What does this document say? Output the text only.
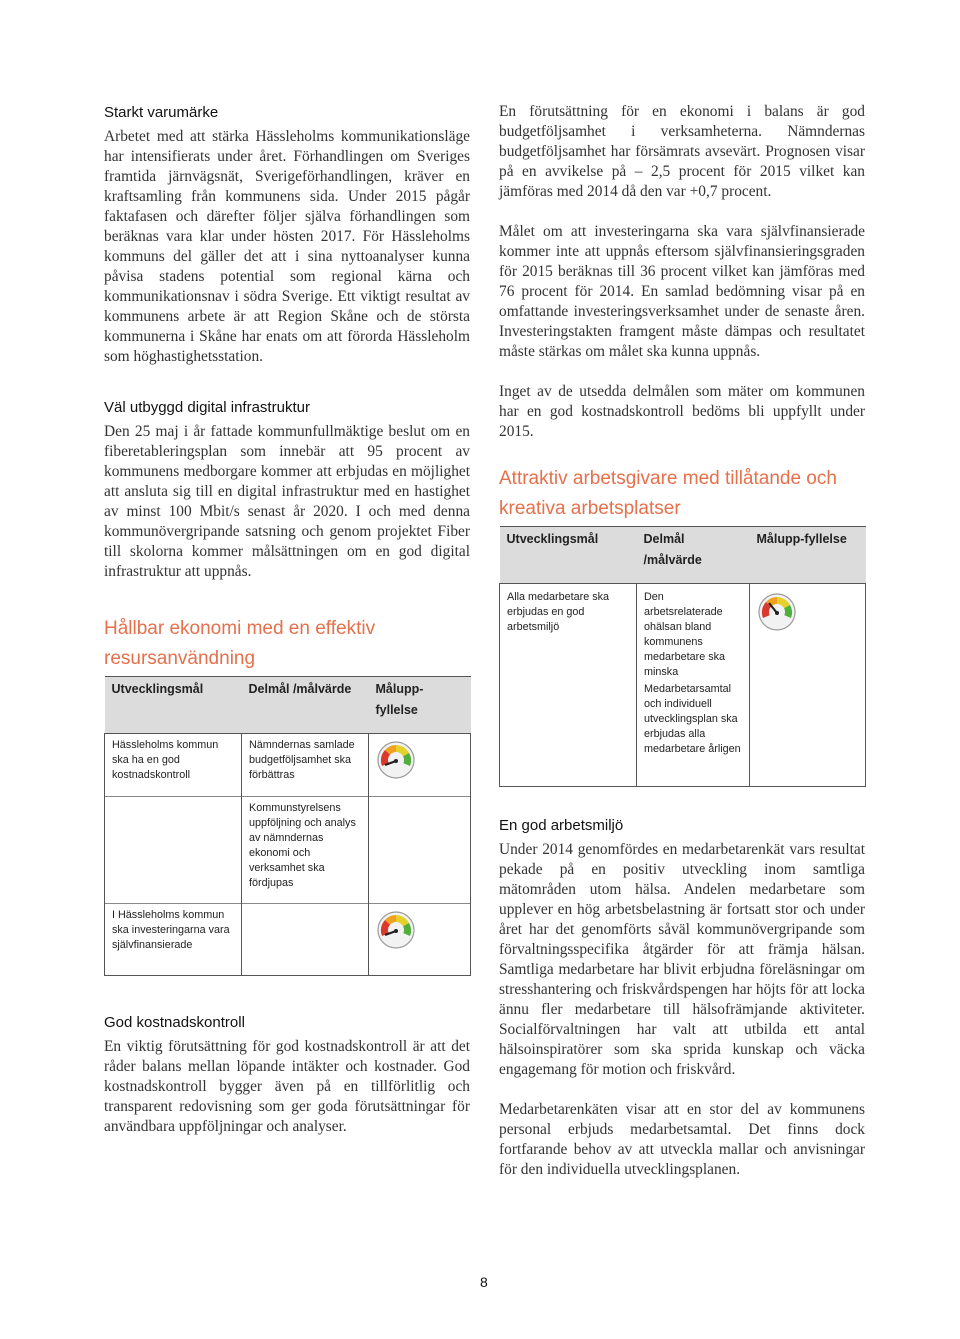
Starkt varumärke

Arbetet med att stärka Hässleholms kommunikationsläge har intensifierats under året. Förhandlingen om Sveriges framtida järnvägsnät, Sverigeförhandlingen, kräver en kraftsamling från kommunens sida. Under 2015 pågår faktafasen och därefter följer själva förhandlingen som beräknas vara klar under hösten 2017. För Hässleholms kommuns del gäller det att i sina nyttoanalyser kunna påvisa stadens potential som regional kärna och kommunikationsnav i södra Sverige. Ett viktigt resultat av kommunens arbete är att Region Skåne och de största kommunerna i Skåne har enats om att förorda Hässleholm som höghastighetsstation.

Väl utbyggd digital infrastruktur

Den 25 maj i år fattade kommunfullmäktige beslut om en fiberetableringsplan som innebär att 95 procent av kommunens medborgare kommer att erbjudas en möjlighet att ansluta sig till en digital infrastruktur med en hastighet av minst 100 Mbit/s senast år 2020. I och med denna kommunövergripande satsning och genom projektet Fiber till skolorna kommer målsättningen om en god digital infrastruktur att uppnås.

Hållbar ekonomi med en effektiv resursanvändning
Utvecklingsmål	Delmål /målvärde	Målupp-fyllelse
Hässleholms kommun ska ha en god kostnadskontroll	Nämndernas samlade budgetföljsamhet ska förbättras	

	Kommunstyrelsens uppföljning och analys av nämndernas ekonomi och verksamhet ska fördjupas	
I Hässleholms kommun ska investeringarna vara självfinansierade		
God kostnadskontroll

En viktig förutsättning för god kostnadskontroll är att det råder balans mellan löpande intäkter och kostnader. God kostnadskontroll bygger även på en tillförlitlig och transparent redovisning som ger goda förutsättningar för användbara uppföljningar och analyser.

En förutsättning för en ekonomi i balans är god budgetföljsamhet i verksamheterna. Nämndernas budgetföljsamhet har försämrats avsevärt. Prognosen visar på en avvikelse på – 2,5 procent för 2015 vilket kan jämföras med 2014 då den var +0,7 procent.

Målet om att investeringarna ska vara självfinansierade kommer inte att uppnås eftersom självfinansieringsgraden för 2015 beräknas till 36 procent vilket kan jämföras med 76 procent för 2014. En samlad bedömning visar på en omfattande investeringsverksamhet under de senaste åren. Investeringstakten framgent måste dämpas och resultatet måste stärkas om målet ska kunna uppnås.

Inget av de utsedda delmålen som mäter om kommunen har en god kostnadskontroll bedöms bli uppfyllt under 2015.

Attraktiv arbetsgivare med tillåtande och kreativa arbetsplatser
Utvecklingsmål	Delmål /målvärde	Målupp-fyllelse
Alla medarbetare ska erbjudas en god arbetsmiljö	Den arbetsrelaterade ohälsan bland kommunens medarbetare ska minska	

	Medarbetarsamtal och individuell utvecklingsplan ska erbjudas alla medarbetare årligen	
En god arbetsmiljö

Under 2014 genomfördes en medarbetarenkät vars resultat pekade på en positiv utveckling inom samtliga mätområden utom hälsa. Andelen medarbetare som upplever en hög arbetsbelastning är fortsatt stor och under året har det genomförts såväl kommunövergripande som förvaltningsspecifika åtgärder för att främja hälsan. Samtliga medarbetare har blivit erbjudna föreläsningar om stresshantering och friskvårdspengen har höjts för att locka ännu fler medarbetare till hälsofrämjande aktiviteter. Socialförvaltningen har valt att utbilda ett antal hälsoinspiratörer som ska sprida kunskap och väcka engagemang för motion och friskvård.

Medarbetarenkäten visar att en stor del av kommunens personal erbjuds medarbetsamtal. Det finns dock fortfarande behov av att utveckla mallar och anvisningar för den individuella utvecklingsplanen.

8
